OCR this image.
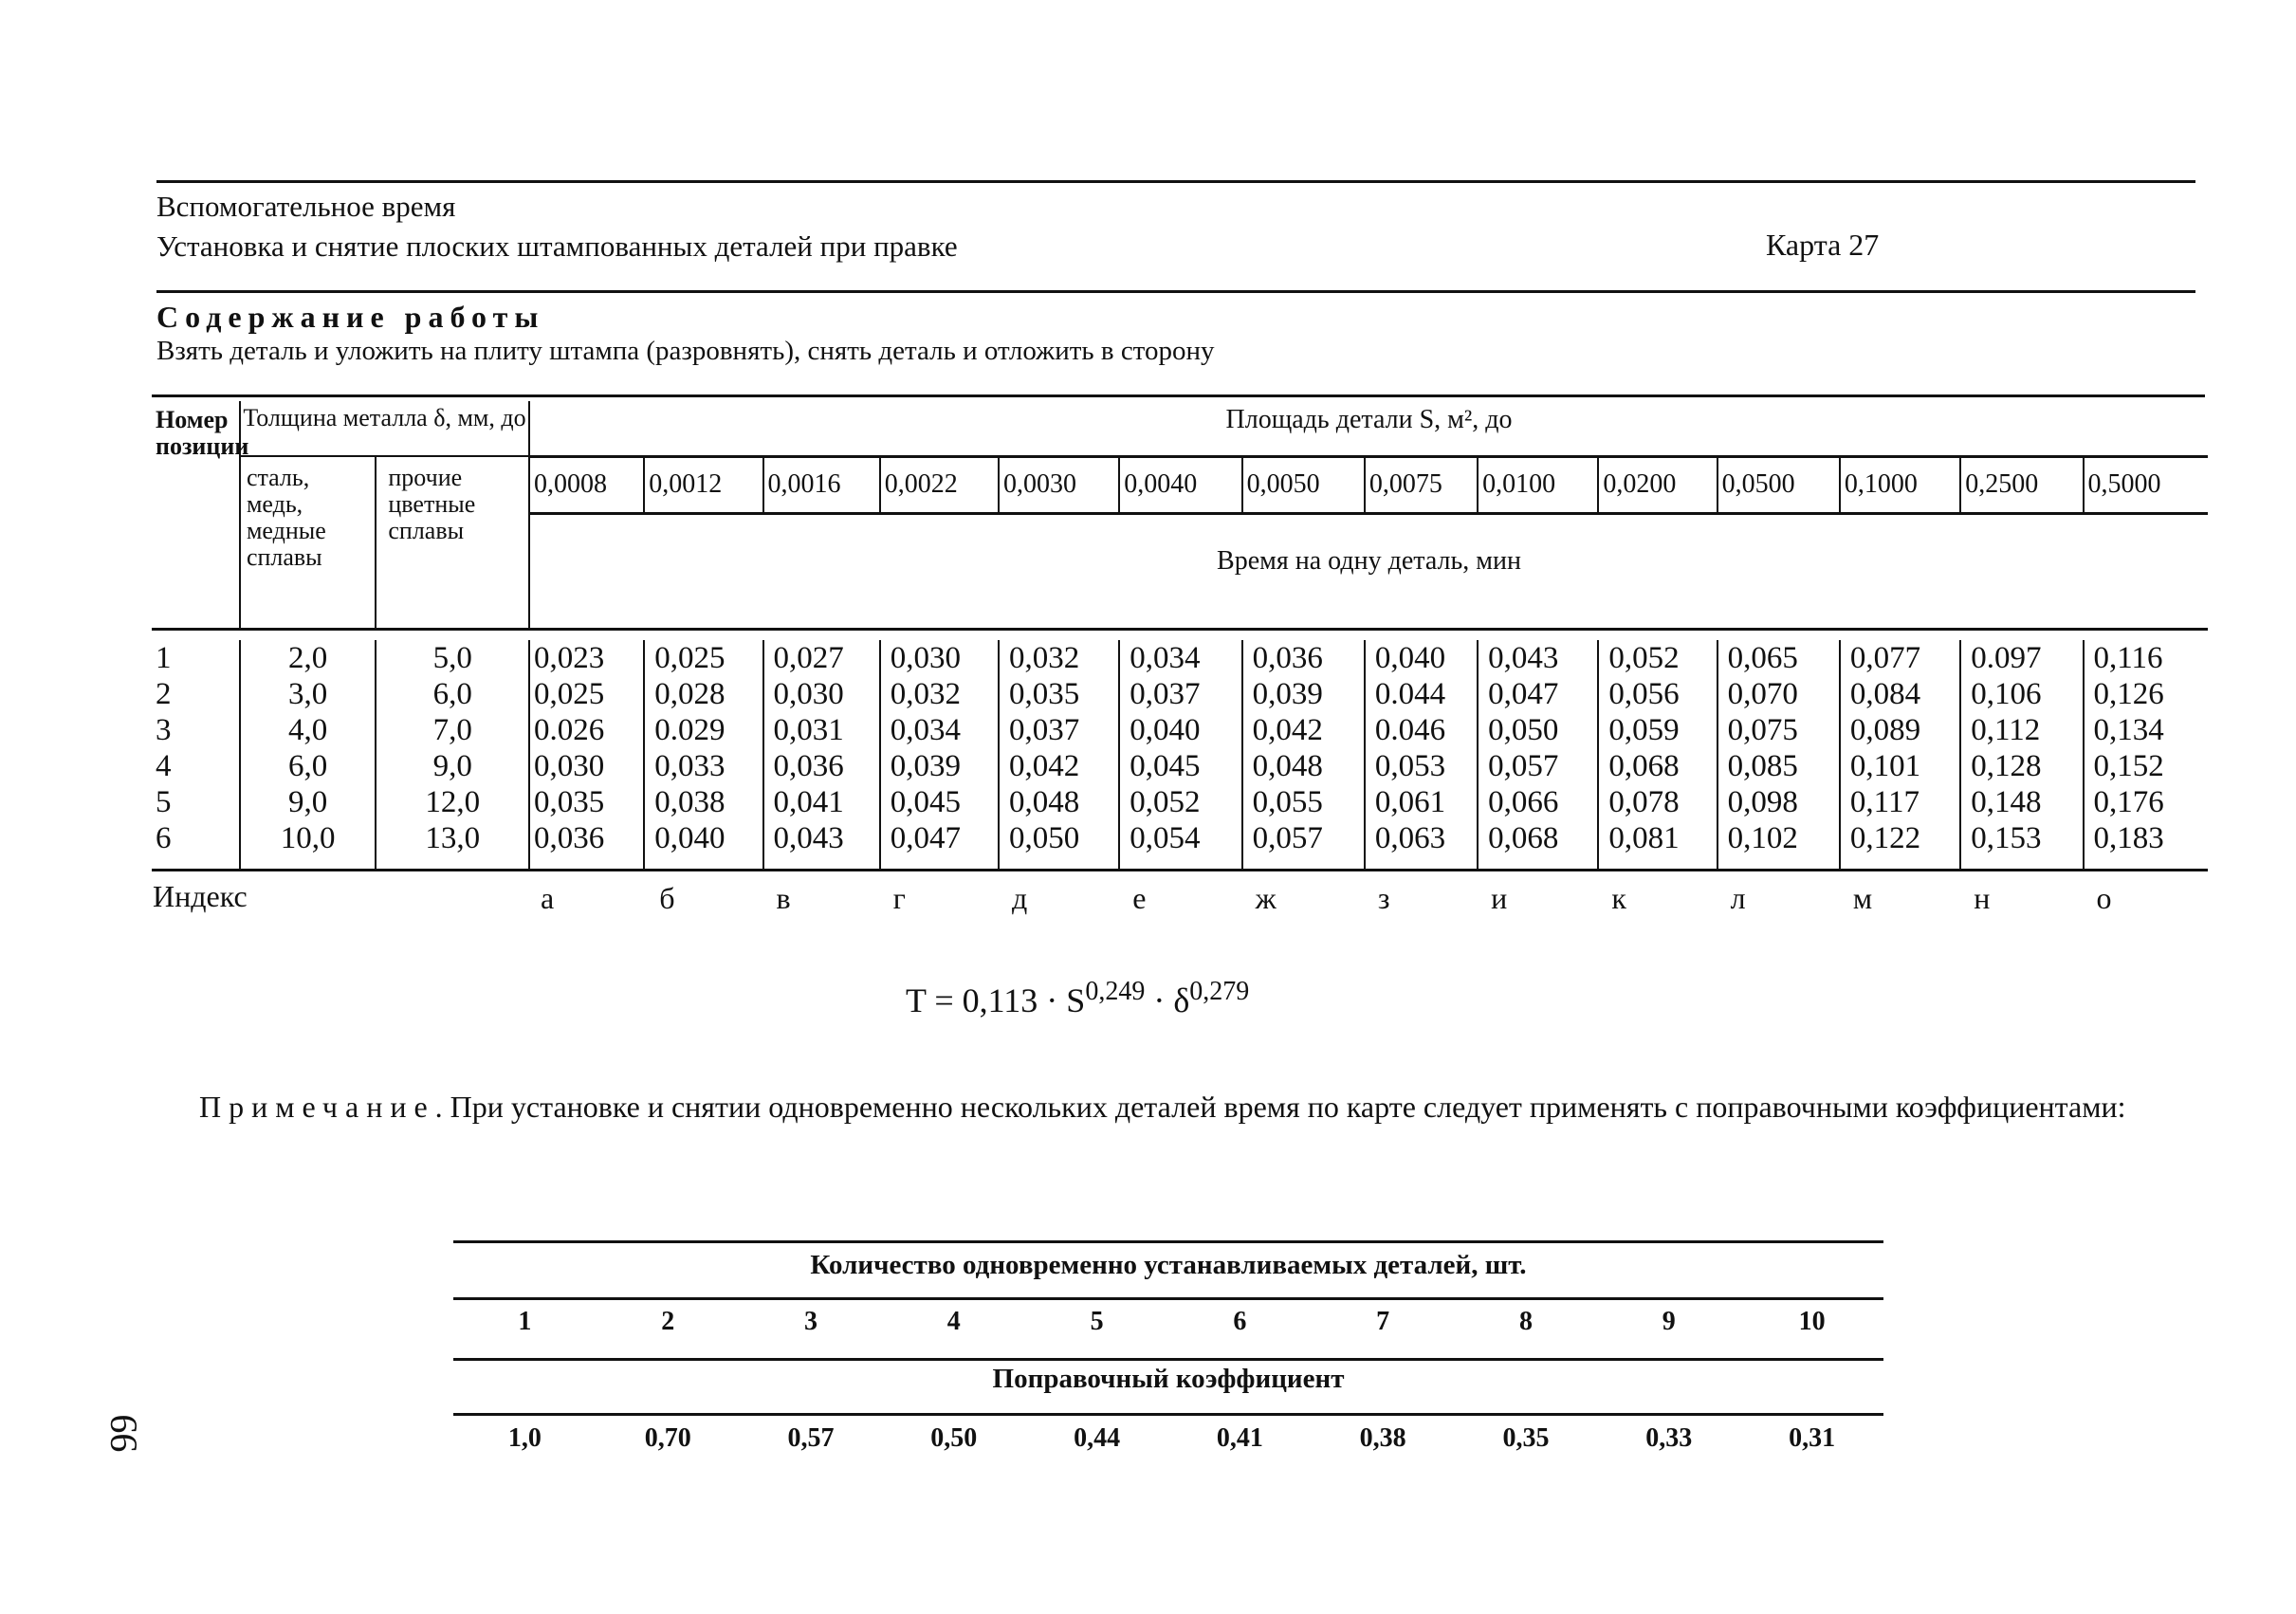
Вспомогательное время
Установка и снятие плоских штампованных деталей при правке	Карта 27
Содержание работы
Взять деталь и уложить на плиту штампа (разровнять), снять деталь и отложить в сторону
Номер позиции	Толщина металла δ, мм, до	Площадь детали S, м², до
сталь, медь, медные сплавы	прочие цветные сплавы	0,0008	0,0012	0,0016	0,0022	0,0030	0,0040	0,0050	0,0075	0,0100	0,0200	0,0500	0,1000	0,2500	0,5000
Время на одну деталь, мин

1	2,0	5,0	0,023	0,025	0,027	0,030	0,032	0,034	0,036	0,040	0,043	0,052	0,065	0,077	0.097	0,116
2	3,0	6,0	0,025	0,028	0,030	0,032	0,035	0,037	0,039	0.044	0,047	0,056	0,070	0,084	0,106	0,126
3	4,0	7,0	0.026	0.029	0,031	0,034	0,037	0,040	0,042	0.046	0,050	0,059	0,075	0,089	0,112	0,134
4	6,0	9,0	0,030	0,033	0,036	0,039	0,042	0,045	0,048	0,053	0,057	0,068	0,085	0,101	0,128	0,152
5	9,0	12,0	0,035	0,038	0,041	0,045	0,048	0,052	0,055	0,061	0,066	0,078	0,098	0,117	0,148	0,176
6	10,0	13,0	0,036	0,040	0,043	0,047	0,050	0,054	0,057	0,063	0,068	0,081	0,102	0,122	0,153	0,183
Индекс	a	б	в	г	д	е	ж	з	и	к	л	м	н	о
$T = 0,113 \cdot S^{0,249} \cdot \delta^{0,279}$
Примечание. При установке и снятии одновременно нескольких деталей время по карте следует применять с поправочными коэффициентами:
Количество одновременно устанавливаемых деталей, шт.
1	2	3	4	5	6	7	8	9	10
Поправочный коэффициент
1,0	0,70	0,57	0,50	0,44	0,41	0,38	0,35	0,33	0,31
99
